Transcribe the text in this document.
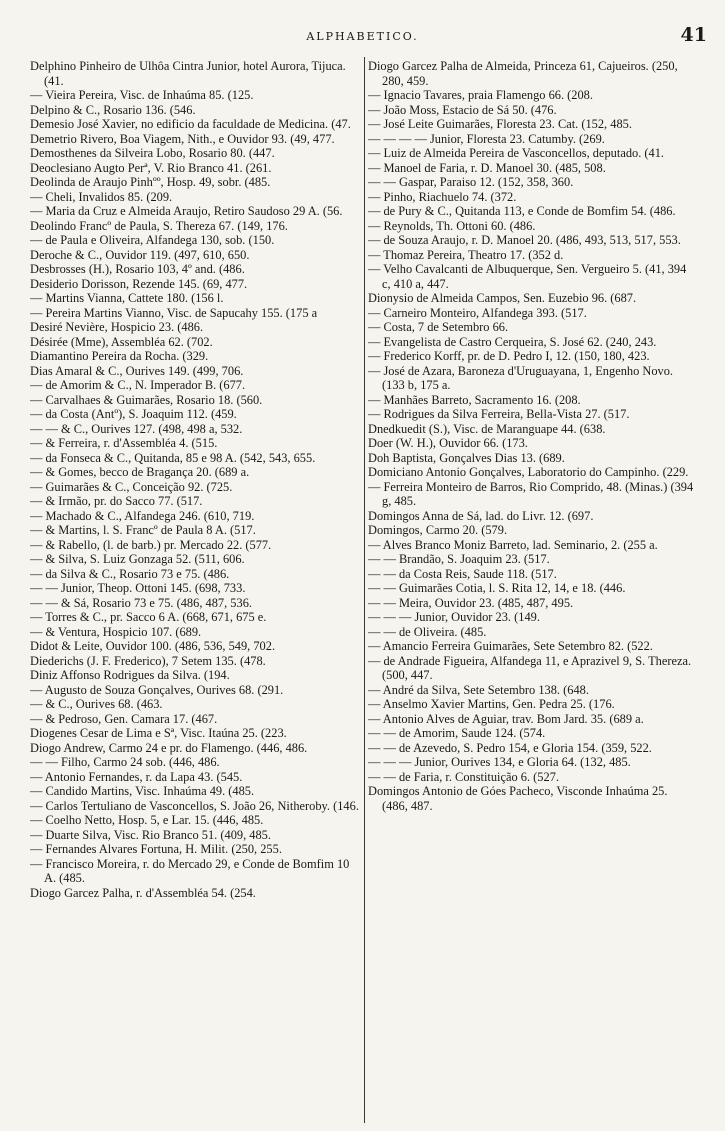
ALPHABETICO.	41
Delphino Pinheiro de Ulhôa Cintra Junior, hotel Aurora, Tijuca. (41.
— Vieira Pereira, Visc. de Inhaúma 85. (125.
Delpino & C., Rosario 136. (546.
Demesio José Xavier, no edificio da faculdade de Medicina. (47.
Demetrio Rivero, Boa Viagem, Nith., e Ouvidor 93. (49, 477.
Demosthenes da Silveira Lobo, Rosario 80. (447.
Deoclesiano Augto Perª, V. Rio Branco 41. (261.
Deolinda de Araujo Pinhºº, Hosp. 49, sobr. (485.
— Cheli, Invalidos 85. (209.
— Maria da Cruz e Almeida Araujo, Retiro Saudoso 29 A. (56.
Deolindo Francº de Paula, S. Thereza 67. (149, 176.
— de Paula e Oliveira, Alfandega 130, sob. (150.
Deroche & C., Ouvidor 119. (497, 610, 650.
Desbrosses (H.), Rosario 103, 4º and. (486.
Desiderio Dorisson, Rezende 145. (69, 477.
— Martins Vianna, Cattete 180. (156 l.
— Pereira Martins Vianno, Visc. de Sapucahy 155. (175 a
Desiré Nevière, Hospicio 23. (486.
Désirée (Mme), Assembléa 62. (702.
Diamantino Pereira da Rocha. (329.
Dias Amaral & C., Ourives 149. (499, 706.
— de Amorim & C., N. Imperador B. (677.
— Carvalhaes & Guimarães, Rosario 18. (560.
— da Costa (Antº), S. Joaquim 112. (459.
— — & C., Ourives 127. (498, 498 a, 532.
— & Ferreira, r. d'Assembléa 4. (515.
— da Fonseca & C., Quitanda, 85 e 98 A. (542, 543, 655.
— & Gomes, becco de Bragança 20. (689 a.
— Guimarães & C., Conceição 92. (725.
— & Irmão, pr. do Sacco 77. (517.
— Machado & C., Alfandega 246. (610, 719.
— & Martins, l. S. Francº de Paula 8 A. (517.
— & Rabello, (l. de barb.) pr. Mercado 22. (577.
— & Silva, S. Luiz Gonzaga 52. (511, 606.
— da Silva & C., Rosario 73 e 75. (486.
— — Junior, Theop. Ottoni 145. (698, 733.
— — & Sá, Rosario 73 e 75. (486, 487, 536.
— Torres & C., pr. Sacco 6 A. (668, 671, 675 e.
— & Ventura, Hospicio 107. (689.
Didot & Leite, Ouvidor 100. (486, 536, 549, 702.
Diederichs (J. F. Frederico), 7 Setem 135. (478.
Diniz Affonso Rodrigues da Silva. (194.
— Augusto de Souza Gonçalves, Ourives 68. (291.
— & C., Ourives 68. (463.
— & Pedroso, Gen. Camara 17. (467.
Diogenes Cesar de Lima e Sª, Visc. Itaúna 25. (223.
Diogo Andrew, Carmo 24 e pr. do Flamengo. (446, 486.
— — Filho, Carmo 24 sob. (446, 486.
— Antonio Fernandes, r. da Lapa 43. (545.
— Candido Martins, Visc. Inhaúma 49. (485.
— Carlos Tertuliano de Vasconcellos, S. João 26, Nitheroby. (146.
— Coelho Netto, Hosp. 5, e Lar. 15. (446, 485.
— Duarte Silva, Visc. Rio Branco 51. (409, 485.
— Fernandes Alvares Fortuna, H. Milit. (250, 255.
— Francisco Moreira, r. do Mercado 29, e Conde de Bomfim 10 A. (485.
Diogo Garcez Palha, r. d'Assembléa 54. (254.
Diogo Garcez Palha de Almeida, Princeza 61, Cajueiros. (250, 280, 459.
— Ignacio Tavares, praia Flamengo 66. (208.
— João Moss, Estacio de Sá 50. (476.
— José Leite Guimarães, Floresta 23. Cat. (152, 485.
— — — — Junior, Floresta 23. Catumby. (269.
— Luiz de Almeida Pereira de Vasconcellos, deputado. (41.
— Manoel de Faria, r. D. Manoel 30. (485, 508.
— — Gaspar, Paraiso 12. (152, 358, 360.
— Pinho, Riachuelo 74. (372.
— de Pury & C., Quitanda 113, e Conde de Bomfim 54. (486.
— Reynolds, Th. Ottoni 60. (486.
— de Souza Araujo, r. D. Manoel 20. (486, 493, 513, 517, 553.
— Thomaz Pereira, Theatro 17. (352 d.
— Velho Cavalcanti de Albuquerque, Sen. Vergueiro 5. (41, 394 c, 410 a, 447.
Dionysio de Almeida Campos, Sen. Euzebio 96. (687.
— Carneiro Monteiro, Alfandega 393. (517.
— Costa, 7 de Setembro 66.
— Evangelista de Castro Cerqueira, S. José 62. (240, 243.
— Frederico Korff, pr. de D. Pedro I, 12. (150, 180, 423.
— José de Azara, Baroneza d'Uruguayana, 1, Engenho Novo. (133 b, 175 a.
— Manhães Barreto, Sacramento 16. (208.
— Rodrigues da Silva Ferreira, Bella-Vista 27. (517.
Dnedkuedit (S.), Visc. de Maranguape 44. (638.
Doer (W. H.), Ouvidor 66. (173.
Doh Baptista, Gonçalves Dias 13. (689.
Domiciano Antonio Gonçalves, Laboratorio do Campinho. (229.
— Ferreira Monteiro de Barros, Rio Comprido, 48. (Minas.) (394 g, 485.
Domingos Anna de Sá, lad. do Livr. 12. (697.
Domingos, Carmo 20. (579.
— Alves Branco Moniz Barreto, lad. Seminario, 2. (255 a.
— — Brandão, S. Joaquim 23. (517.
— — da Costa Reis, Saude 118. (517.
— — Guimarães Cotia, l. S. Rita 12, 14, e 18. (446.
— — Meira, Ouvidor 23. (485, 487, 495.
— — — Junior, Ouvidor 23. (149.
— — de Oliveira. (485.
— Amancio Ferreira Guimarães, Sete Setembro 82. (522.
— de Andrade Figueira, Alfandega 11, e Aprazivel 9, S. Thereza. (500, 447.
— André da Silva, Sete Setembro 138. (648.
— Anselmo Xavier Martins, Gen. Pedra 25. (176.
— Antonio Alves de Aguiar, trav. Bom Jard. 35. (689 a.
— — de Amorim, Saude 124. (574.
— — de Azevedo, S. Pedro 154, e Gloria 154. (359, 522.
— — — Junior, Ourives 134, e Gloria 64. (132, 485.
— — de Faria, r. Constituição 6. (527.
Domingos Antonio de Góes Pacheco, Visconde Inhaúma 25. (486, 487.
